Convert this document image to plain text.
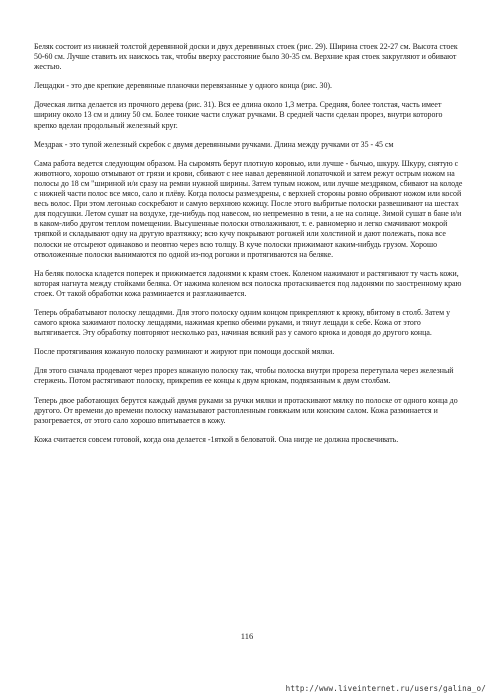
Беляк состоит из нижней толстой деревянной доски и двух деревянных стоек (рис. 29). Ширина стоек 22-27 см. Высота стоек 50-60 см. Лучше ставить их наискось так, чтобы вверху расстояние было 30-35 см. Верхние края стоек закругляют и обивают жестью.

Лещадки - это две крепкие деревянные планочки перевязанные у одного конца (рис. 30).

Доческая литка делается из прочного дерева (рис. 31). Вся ее длина около 1,3 метра. Средняя, более толстая, часть имеет ширину около 13 см и длину 50 см. Более тонкие части служат ручками. В средней части сделан прорез, внутри которого крепко вделан продольный железный круг.

Мездрак - это тупой железный скребок с двумя деревянными ручками. Длина между ручками от 35 - 45 см

Сама работа ведется следующим образом. На сыромять берут плотную коровью, или лучше - бычью, шкуру. Шкуру, снятую с животного, хорошо отмывают от грязи и крови, сбивают с нее навал деревянной лопаточкой и затем режут острым ножом на полосы до 18 см "шириной и/и сразу на ремни нужной ширины. Затем тупым ножом, или лучше мездряком, сбивают на колоде с нижней части полос все мясо, сало и плёву. Когда полосы размездрены, с верхней стороны ровно обривают ножом или косой весь волос. При этом легонько соскребают и самую верхнюю кожицу. После этого выбритые полоски развешивают на шестах для подсушки. Летом сушат на воздухе, где-нибудь под навесом, но непременно в тени, а не на солнце. Зимой сушат в бане и/и в каком-либо другом теплом помещении. Высушенные полоски отволаживают, т. е. равномерно и легко смачивают мокрой тряпкой и складывают одну на другую вразтяжку; всю кучу покрывают рогожей или холстиной и дают полежать, пока все полоски не отсыреют одинаково и пеовтно через всю толщу. В куче полоски прижимают каким-нибудь грузом. Хорошо отволоженные полоски вынимаются по одной из-под рогожи и протягиваются на беляке.

На беляк полоска кладется поперек и прижимается ладонями к краям стоек. Коленом нажимают и растягивают ту часть кожи, которая нагнута между стойками беляка. От нажима коленом вся полоска протаскивается под ладонями по заостренному краю стоек. От такой обработки кожа разминается и разглаживается.

Теперь обрабатывают полоску лещадями. Для этого полоску одним концом прикрепляют к крюку, вбитому в столб. Затем у самого крюка зажимают полоску лещадями, нажимая крепко обеими руками, и тянут лещади к себе. Кожа от этого вытягивается. Эту обработку повторяют несколько раз, начиная всякий раз у самого крюка и доводя до другого конца.

После протягивания кожаную полоску разминают и жируют при помощи досской мялки.

Для этого сначала продевают через прорез кожаную полоску так, чтобы полоска внутри прореза перетупала через железный стержень. Потом растягивают полоску, прикрепив ее концы к двум крюкам, подвязанным к двум столбам.

Теперь двое работающих берутся каждый двумя руками за ручки мялки и протаскивают мялку по полоске от одного конца до другого. От времени до времени полоску намазывают растопленным говяжьим или конским салом. Кожа разминается и разогревается, от этого сало хорошо впитывается в кожу.

Кожа считается совсем готовой, когда она делается -1яткой в беловатой. Она нигде не должна просвечивать.

116
http://www.liveinternet.ru/users/galina_o/
